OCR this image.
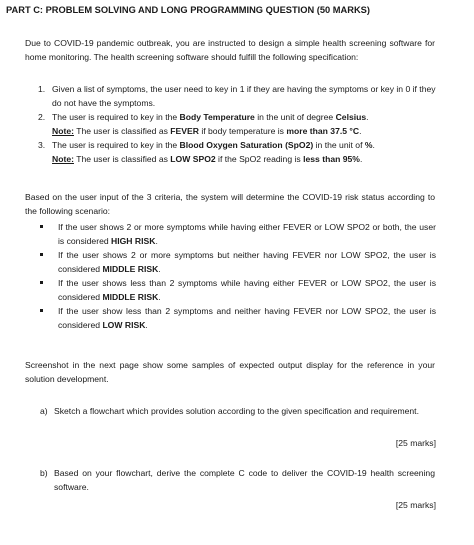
PART C: PROBLEM SOLVING AND LONG PROGRAMMING QUESTION (50 MARKS)
Due to COVID-19 pandemic outbreak, you are instructed to design a simple health screening software for home monitoring. The health screening software should fulfill the following specification:
1. Given a list of symptoms, the user need to key in 1 if they are having the symptoms or key in 0 if they do not have the symptoms.
2. The user is required to key in the Body Temperature in the unit of degree Celsius.
Note: The user is classified as FEVER if body temperature is more than 37.5 °C.
3. The user is required to key in the Blood Oxygen Saturation (SpO2) in the unit of %.
Note: The user is classified as LOW SPO2 if the SpO2 reading is less than 95%.
Based on the user input of the 3 criteria, the system will determine the COVID-19 risk status according to the following scenario:
If the user shows 2 or more symptoms while having either FEVER or LOW SPO2 or both, the user is considered HIGH RISK.
If the user shows 2 or more symptoms but neither having FEVER nor LOW SPO2, the user is considered MIDDLE RISK.
If the user shows less than 2 symptoms while having either FEVER or LOW SPO2, the user is considered MIDDLE RISK.
If the user show less than 2 symptoms and neither having FEVER nor LOW SPO2, the user is considered LOW RISK.
Screenshot in the next page show some samples of expected output display for the reference in your solution development.
a) Sketch a flowchart which provides solution according to the given specification and requirement.
[25 marks]
b) Based on your flowchart, derive the complete C code to deliver the COVID-19 health screening software.
[25 marks]
